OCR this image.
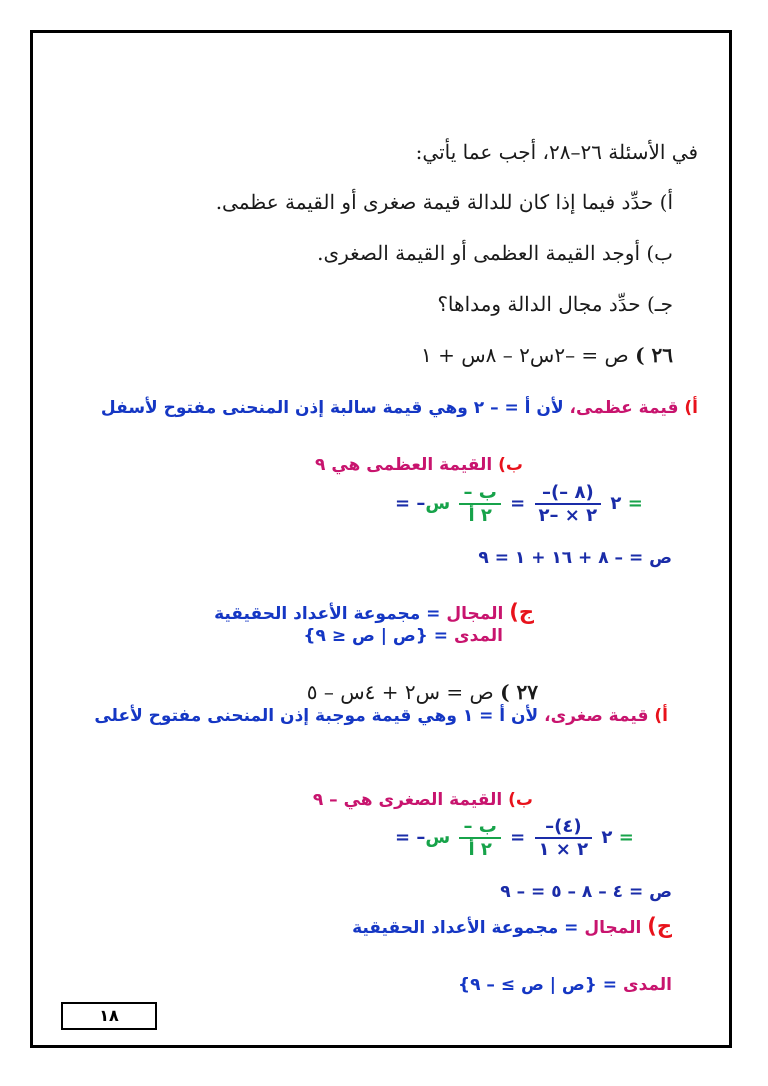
في الأسئلة ٢٦–٢٨، أجب عما يأتي:
أ) حدِّد فيما إذا كان للدالة قيمة صغرى أو القيمة عظمى.
ب) أوجد القيمة العظمى أو القيمة الصغرى.
جـ) حدِّد مجال الدالة ومداها؟
٢٦ ) ص = –٢س٢ – ٨س + ١
أ) قيمة عظمى، لأن أ = – ٢ وهي قيمة سالبة إذن المنحنى مفتوح لأسفل
ب) القيمة العظمى هي ٩
= –٢
$\frac{-(- ٨)}{٢ \times -٢}$
=
$\frac{\text{– ب}}{\text{٢ أ}}$
س =
ص = – ٨ + ١٦ + ١ = ٩
ج) المجال = مجموعة الأعداد الحقيقية
المدى = {ص | ص ≤ ٩}
٢٧ ) ص = س٢ + ٤س – ٥
أ) قيمة صغرى، لأن أ = ١ وهي قيمة موجبة إذن المنحنى مفتوح لأعلى
ب) القيمة الصغرى هي – ٩
= –٢
$\frac{-(٤)}{٢ \times ١}$
=
$\frac{\text{– ب}}{\text{٢ أ}}$
س =
ص = ٤ – ٨ – ٥ = – ٩
ج) المجال = مجموعة الأعداد الحقيقية
المدى = {ص | ص ≥ – ٩}
١٨
